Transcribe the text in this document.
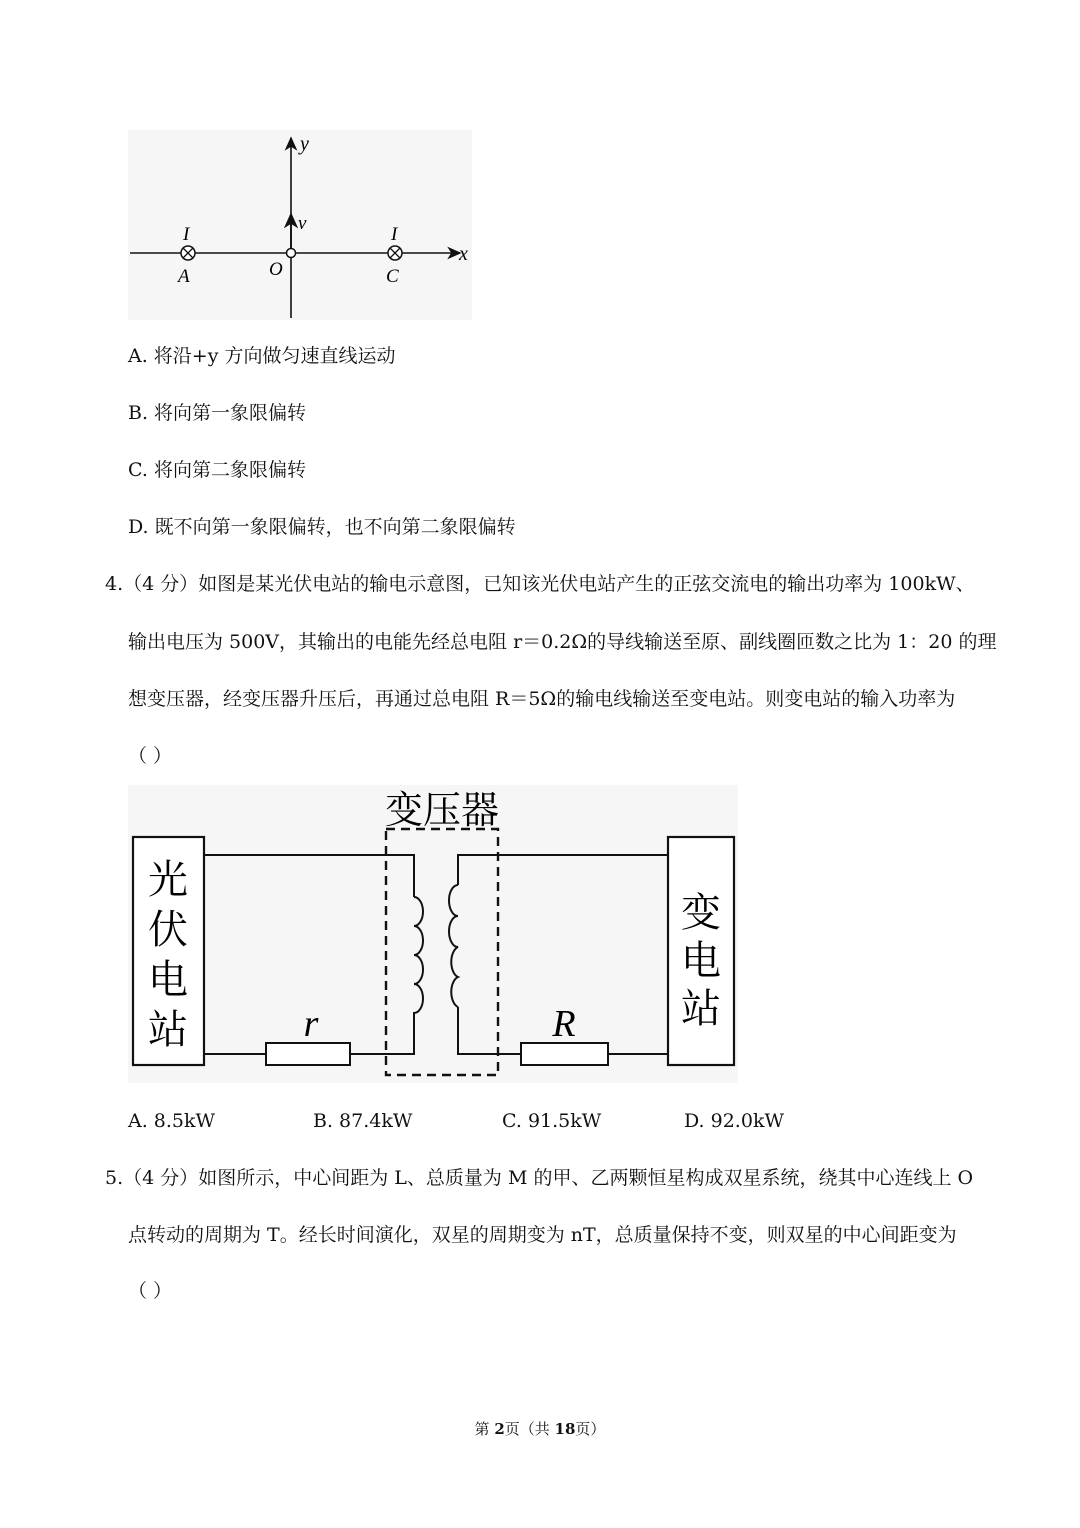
y
x
v
I	I
A	O	C
A. 将沿+y 方向做匀速直线运动
B. 将向第一象限偏转
C. 将向第二象限偏转
D. 既不向第一象限偏转，也不向第二象限偏转
4.（4 分）如图是某光伏电站的输电示意图，已知该光伏电站产生的正弦交流电的输出功率为 100kW、
输出电压为 500V，其输出的电能先经总电阻 r＝0.2Ω的导线输送至原、副线圈匝数之比为 1：20 的理
想变压器，经变压器升压后，再通过总电阻 R＝5Ω的输电线输送至变电站。则变电站的输入功率为
（ ）
变压器
r	R
光
伏
电
站
变
电
站
A. 8.5kW	B. 87.4kW	C. 91.5kW	D. 92.0kW
5.（4 分）如图所示，中心间距为 L、总质量为 M 的甲、乙两颗恒星构成双星系统，绕其中心连线上 O
点转动的周期为 T。经长时间演化，双星的周期变为 nT，总质量保持不变，则双星的中心间距变为
（ ）
第 2页（共 18页）
